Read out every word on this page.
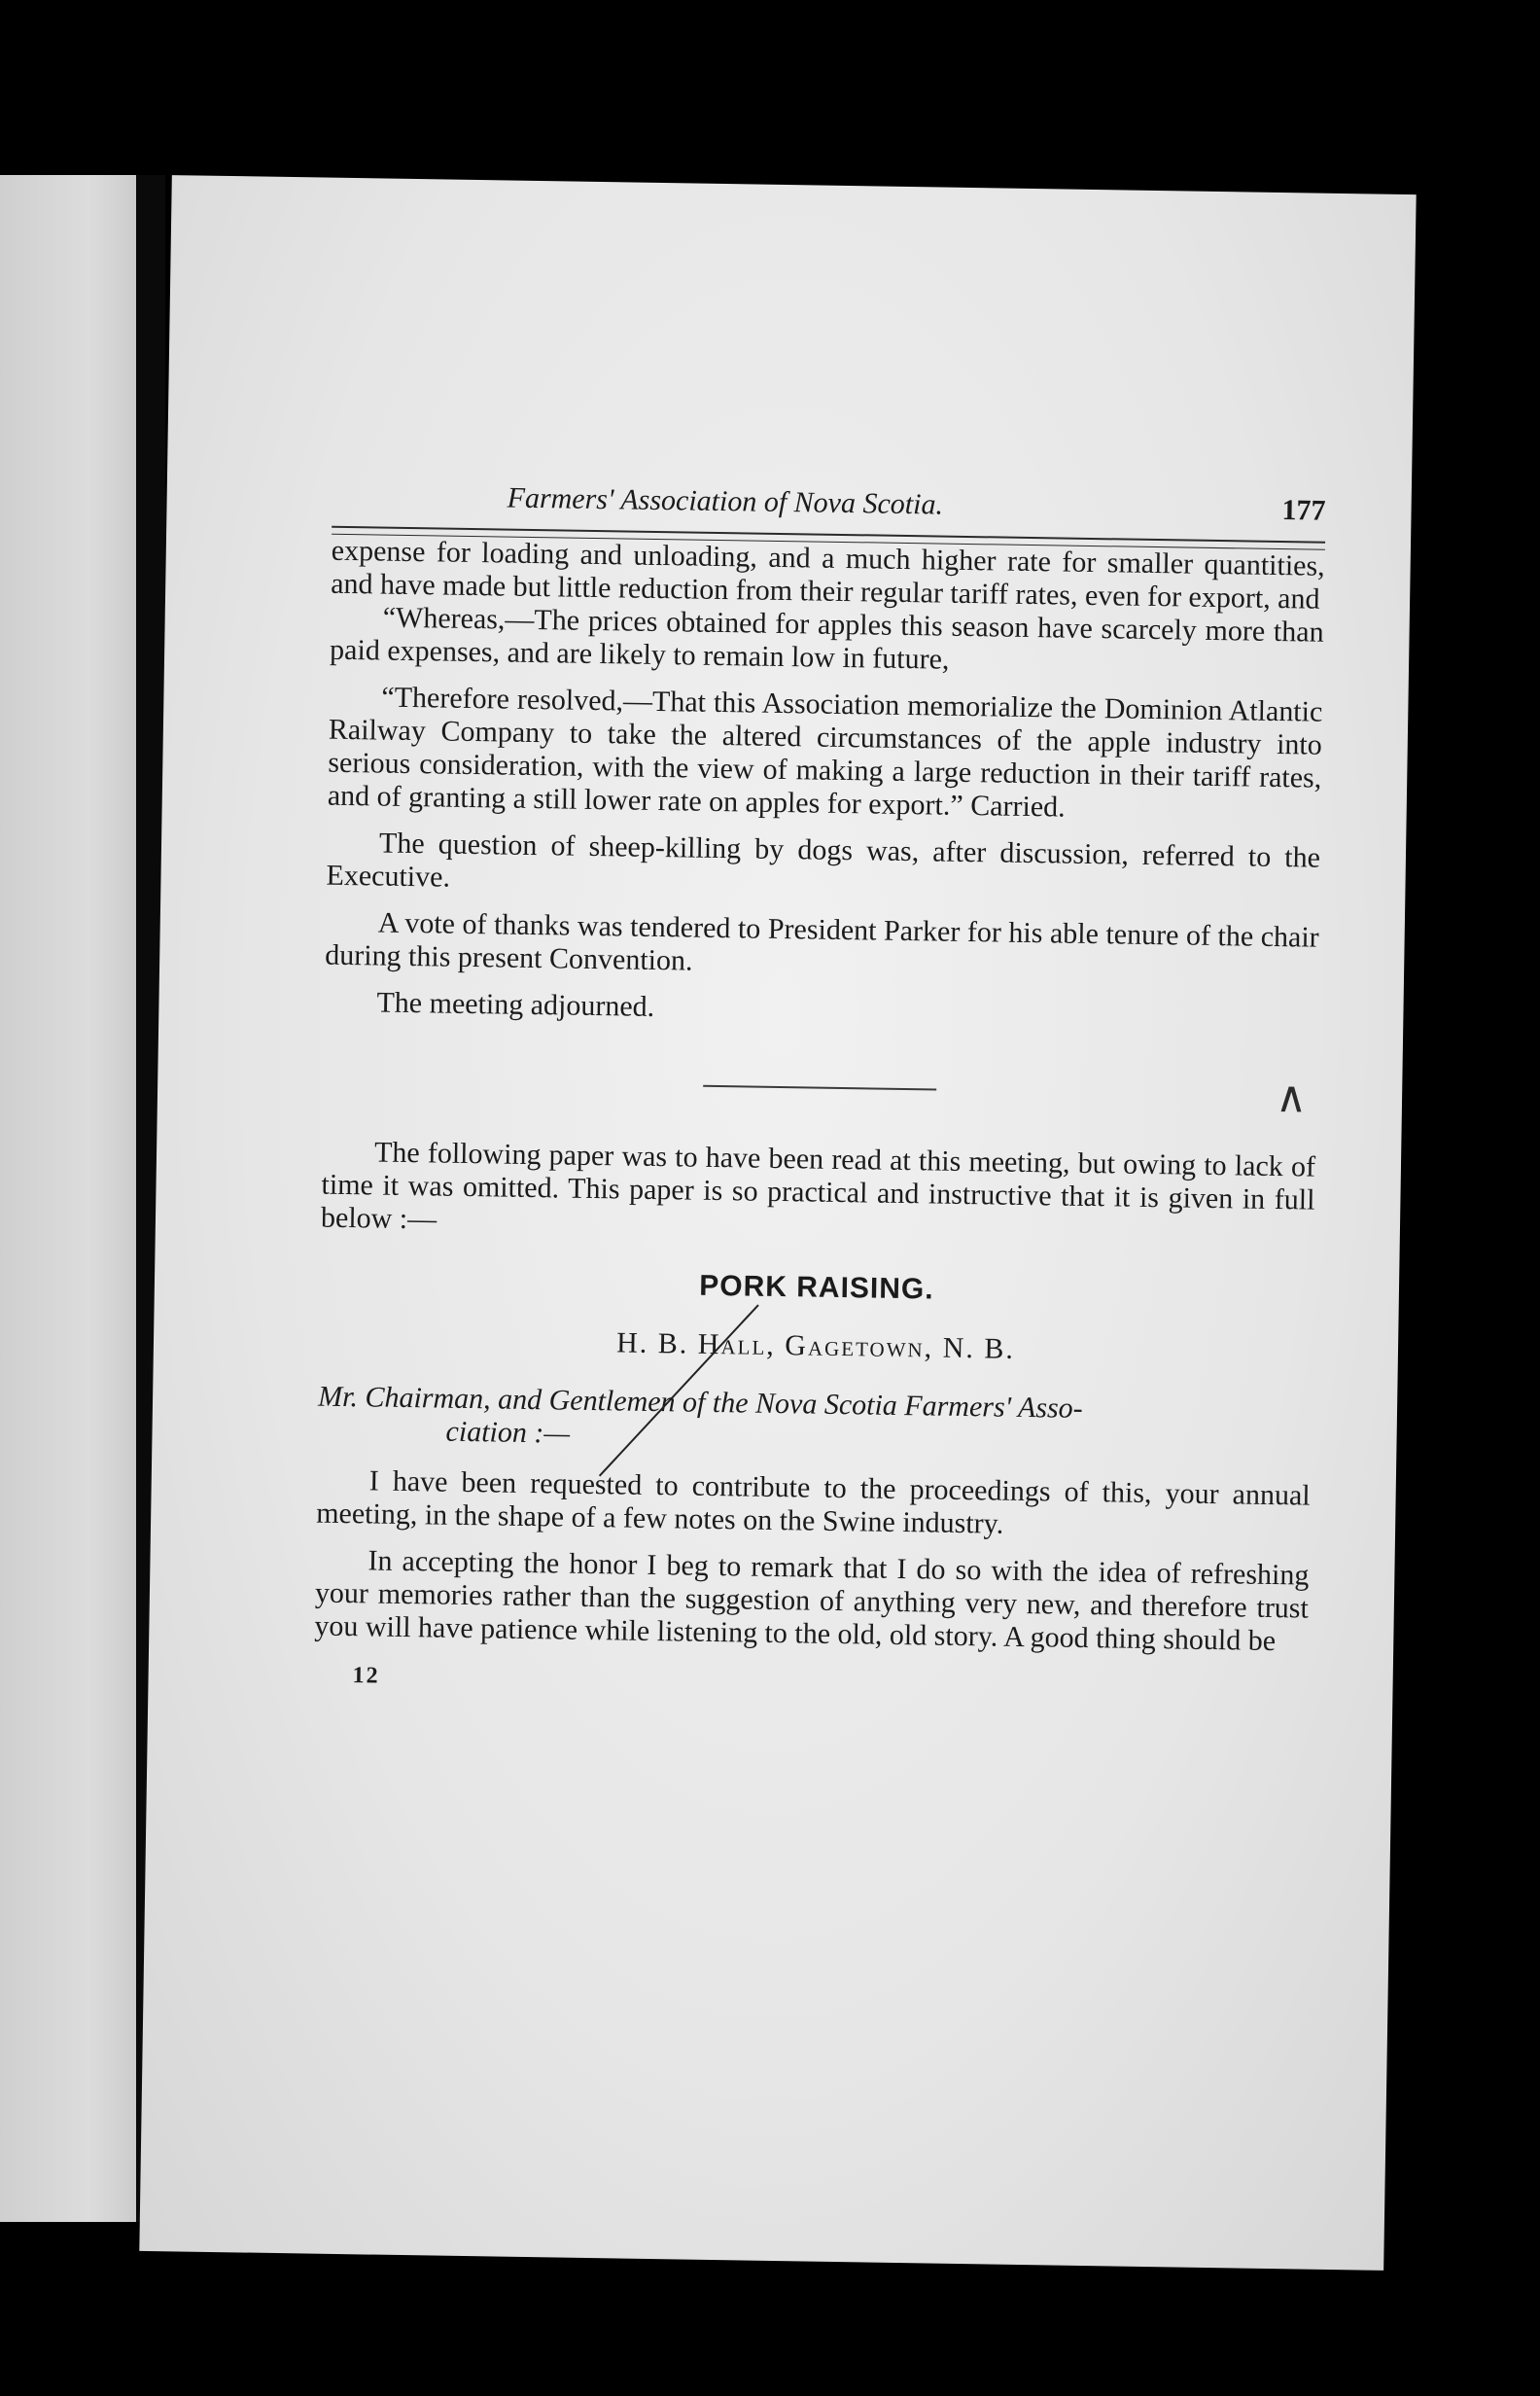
Farmers' Association of Nova Scotia.	177

expense for loading and unloading, and a much higher rate for smaller quantities, and have made but little reduction from their regular tariff rates, even for export, and

“Whereas,—The prices obtained for apples this season have scarcely more than paid expenses, and are likely to remain low in future,

“Therefore resolved,—That this Association memorialize the Dominion Atlantic Railway Company to take the altered circumstances of the apple industry into serious consideration, with the view of making a large reduction in their tariff rates, and of granting a still lower rate on apples for export.” Carried.

The question of sheep-killing by dogs was, after discussion, referred to the Executive.

A vote of thanks was tendered to President Parker for his able tenure of the chair during this present Convention.

The meeting adjourned.

The following paper was to have been read at this meeting, but owing to lack of time it was omitted. This paper is so practical and instructive that it is given in full below :—

PORK RAISING.
H. B. Hall, Gagetown, N. B.
Mr. Chairman, and Gentlemen of the Nova Scotia Farmers' Asso-
ciation :—

I have been requested to contribute to the proceedings of this, your annual meeting, in the shape of a few notes on the Swine industry.

In accepting the honor I beg to remark that I do so with the idea of refreshing your memories rather than the suggestion of anything very new, and therefore trust you will have patience while listening to the old, old story. A good thing should be

12
∧
